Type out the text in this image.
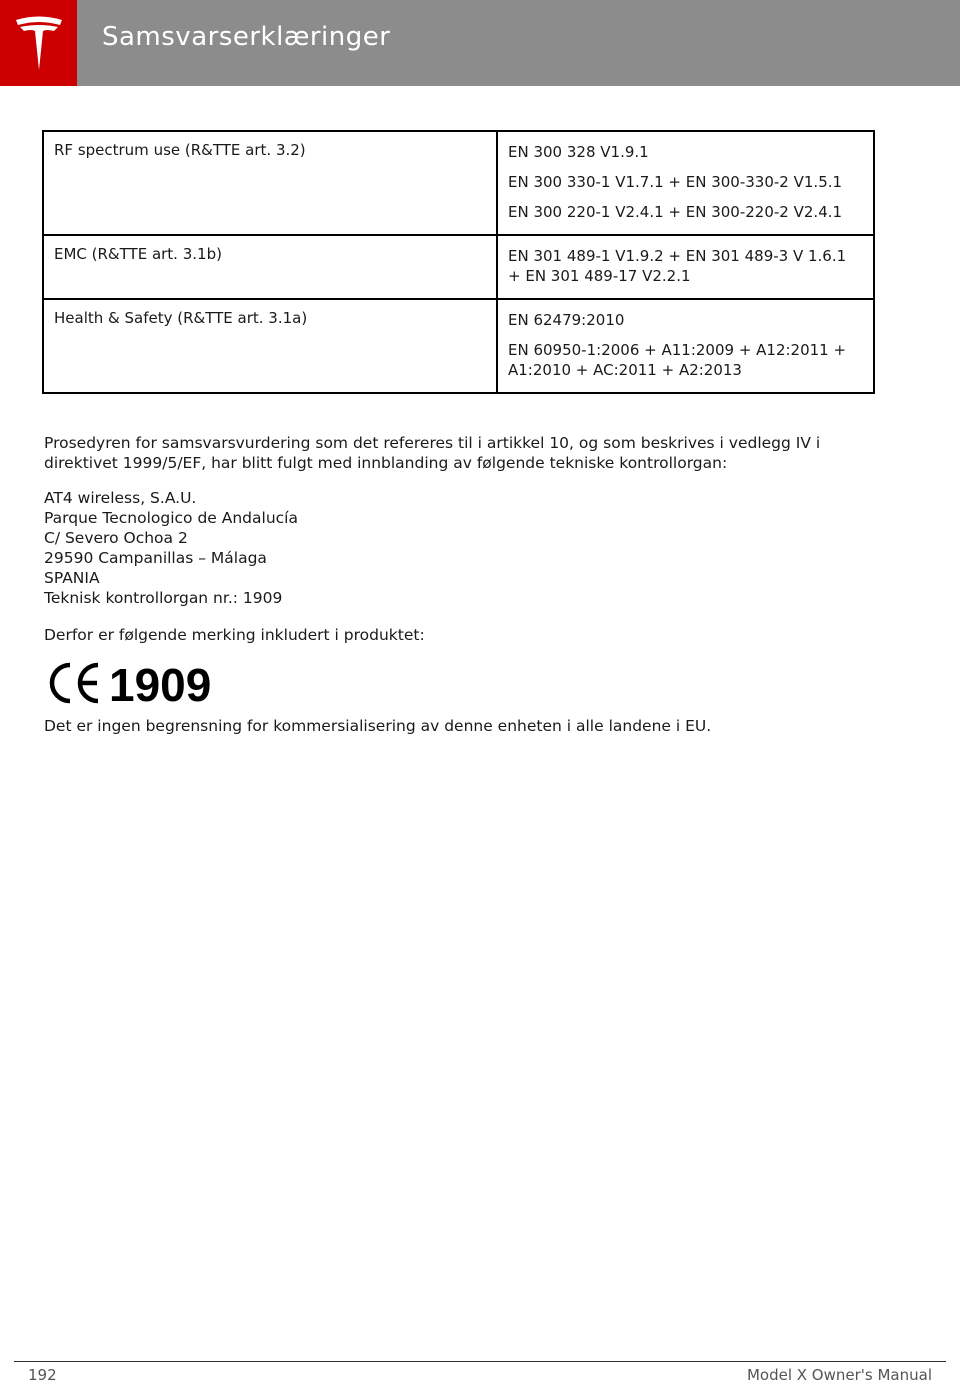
Samsvarserklæringer
RF spectrum use (R&TTE art. 3.2)	EN 300 328 V1.9.1

EN 300 330-1 V1.7.1 + EN 300-330-2 V1.5.1

EN 300 220-1 V2.4.1 + EN 300-220-2 V2.4.1

EMC (R&TTE art. 3.1b)	EN 301 489-1 V1.9.2 + EN 301 489-3 V 1.6.1 + EN 301 489-17 V2.2.1

Health & Safety (R&TTE art. 3.1a)	EN 62479:2010

EN 60950-1:2006 + A11:2009 + A12:2011 + A1:2010 + AC:2011 + A2:2013

Prosedyren for samsvarsvurdering som det refereres til i artikkel 10, og som beskrives i vedlegg IV i direktivet 1999/5/EF, har blitt fulgt med innblanding av følgende tekniske kontrollorgan:

AT4 wireless, S.A.U.
Parque Tecnologico de Andalucía
C/ Severo Ochoa 2
29590 Campanillas – Málaga
SPANIA
Teknisk kontrollorgan nr.: 1909

Derfor er følgende merking inkludert i produktet:

1909

Det er ingen begrensning for kommersialisering av denne enheten i alle landene i EU.

192	Model X Owner's Manual
